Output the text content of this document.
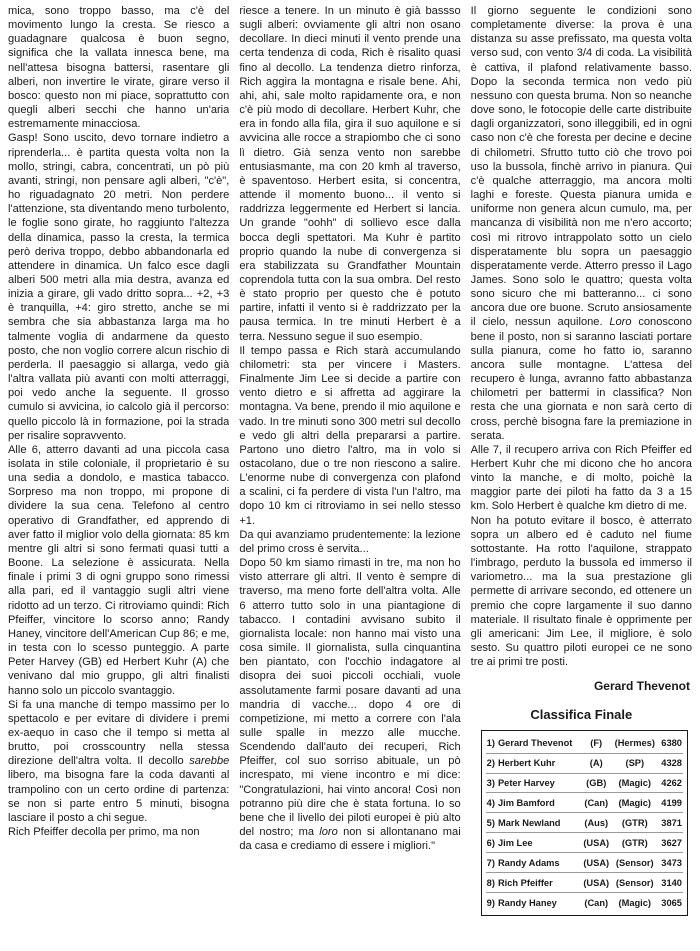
mica, sono troppo basso, ma c'è del movimento lungo la cresta. Se riesco a guadagnare qualcosa è buon segno, significa che la vallata innesca bene, ma nell'attesa bisogna battersi, rasentare gli alberi, non invertire le virate, girare verso il bosco: questo non mi piace, soprattutto con quegli alberi secchi che hanno un'aria estremamente minacciosa.

Gasp! Sono uscito, devo tornare indietro a riprenderla... è partita questa volta non la mollo, stringi, cabra, concentrati, un pò più avanti, stringi, non pensare agli alberi, "c'è", ho riguadagnato 20 metri. Non perdere l'attenzione, sta diventando meno turbolento, le foglie sono girate, ho raggiunto l'altezza della dinamica, passo la cresta, la termica però deriva troppo, debbo abbandonarla ed attendere in dinamica. Un falco esce dagli alberi 500 metri alla mia destra, avanza ed inizia a girare, gli vado dritto sopra... +2, +3 è tranquilla, +4: giro stretto, anche se mi sembra che sia abbastanza larga ma ho talmente voglia di andarmene da questo posto, che non voglio correre alcun rischio di perderla. Il paesaggio si allarga, vedo già l'altra vallata più avanti con molti atterraggi, poi vedo anche la seguente. Il grosso cumulo si avvicina, io calcolo già il percorso: quello piccolo là in formazione, poi la strada per risalire sopravvento.

Alle 6, atterro davanti ad una piccola casa isolata in stile coloniale, il proprietario è su una sedia a dondolo, e mastica tabacco. Sorpreso ma non troppo, mi propone di dividere la sua cena. Telefono al centro operativo di Grandfather, ed apprendo di aver fatto il miglior volo della giornata: 85 km mentre gli altri si sono fermati quasi tutti a Boone. La selezione è assicurata. Nella finale i primi 3 di ogni gruppo sono rimessi alla pari, ed il vantaggio sugli altri viene ridotto ad un terzo. Ci ritroviamo quindi: Rich Pfeiffer, vincitore lo scorso anno; Randy Haney, vincitore dell'American Cup 86; e me, in testa con lo scesso punteggio. A parte Peter Harvey (GB) ed Herbert Kuhr (A) che venivano dal mio gruppo, gli altri finalisti hanno solo un piccolo svantaggio.

Si fa una manche di tempo massimo per lo spettacolo e per evitare di dividere i premi ex-aequo in caso che il tempo si metta al brutto, poi crosscountry nella stessa direzione dell'altra volta. Il decollo sarebbe libero, ma bisogna fare la coda davanti al trampolino con un certo ordine di partenza: se non si parte entro 5 minuti, bisogna lasciare il posto a chi segue.

Rich Pfeiffer decolla per primo, ma non

riesce a tenere. In un minuto è già bassso sugli alberi: ovviamente gli altri non osano decollare. In dieci minuti il vento prende una certa tendenza di coda, Rich è risalito quasi fino al decollo. La tendenza dietro rinforza, Rich aggira la montagna e risale bene. Ahi, ahi, ahi, sale molto rapidamente ora, e non c'è più modo di decollare. Herbert Kuhr, che era in fondo alla fila, gira il suo aquilone e si avvicina alle rocce a strapiombo che ci sono lì dietro. Già senza vento non sarebbe entusiasmante, ma con 20 kmh al traverso, è spaventoso. Herbert esita, si concentra, attende il momento buono... il vento si raddrizza leggermente ed Herbert si lancia. Un grande "oohh" di sollievo esce dalla bocca degli spettatori. Ma Kuhr è partito proprio quando la nube di convergenza si era stabilizzata su Grandfather Mountain coprendola tutta con la sua ombra. Del resto è stato proprio per questo che è potuto partire, infatti il vento si è raddrizzato per la pausa termica. In tre minuti Herbert è a terra. Nessuno segue il suo esempio.

Il tempo passa e Rich starà accumulando chilometri: sta per vincere i Masters. Finalmente Jim Lee si decide a partire con vento dietro e si affretta ad aggirare la montagna. Va bene, prendo il mio aquilone e vado. In tre minuti sono 300 metri sul decollo e vedo gli altri della prepararsi a partire. Partono uno dietro l'altro, ma in volo si ostacolano, due o tre non riescono a salire. L'enorme nube di convergenza con plafond a scalini, ci fa perdere di vista l'un l'altro, ma dopo 10 km ci ritroviamo in sei nello stesso +1.

Da qui avanziamo prudentemente: la lezione del primo cross è servita...

Dopo 50 km siamo rimasti in tre, ma non ho visto atterrare gli altri. Il vento è sempre di traverso, ma meno forte dell'altra volta. Alle 6 atterro tutto solo in una piantagione di tabacco. I contadini avvisano subito il giornalista locale: non hanno mai visto una cosa simile. Il giornalista, sulla cinquantina ben piantato, con l'occhio indagatore al disopra dei suoi piccoli occhiali, vuole assolutamente farmi posare davanti ad una mandria di vacche... dopo 4 ore di competizione, mi metto a correre con l'ala sulle spalle in mezzo alle mucche. Scendendo dall'auto dei recuperi, Rich Pfeiffer, col suo sorriso abituale, un pò increspato, mi viene incontro e mi dice: "Congratulazioni, hai vinto ancora! Così non potranno più dire che è stata fortuna. Io so bene che il livello dei piloti europei è più alto del nostro; ma loro non si allontanano mai da casa e crediamo di essere i migliori."

Il giorno seguente le condizioni sono completamente diverse: la prova è una distanza su asse prefissato, ma questa volta verso sud, con vento 3/4 di coda. La visibilità è cattiva, il plafond relativamente basso. Dopo la seconda termica non vedo più nessuno con questa bruma. Non so neanche dove sono, le fotocopie delle carte distribuite dagli organizzatori, sono illeggibili, ed in ogni caso non c'è che foresta per decine e decine di chilometri. Sfrutto tutto ciò che trovo poi uso la bussola, finchè arrivo in pianura. Qui c'è qualche atterraggio, ma ancora molti laghi e foreste. Questa pianura umida e uniforme non genera alcun cumulo, ma, per mancanza di visibilità non me n'ero accorto; così mi ritrovo intrappolato sotto un cielo disperatamente blu sopra un paesaggio disperatamente verde. Atterro presso il Lago James. Sono solo le quattro; questa volta sono sicuro che mi batteranno... ci sono ancora due ore buone. Scruto ansiosamente il cielo, nessun aquilone. Loro conoscono bene il posto, non si saranno lasciati portare sulla pianura, come ho fatto io, saranno ancora sulle montagne. L'attesa del recupero è lunga, avranno fatto abbastanza chilometri per battermi in classifica? Non resta che una giornata e non sarà certo di cross, perchè bisogna fare la premiazione in serata.

Alle 7, il recupero arriva con Rich Pfeiffer ed Herbert Kuhr che mi dicono che ho ancora vinto la manche, e di molto, poichè la maggior parte dei piloti ha fatto da 3 a 15 km. Solo Herbert è qualche km dietro di me.

Non ha potuto evitare il bosco, è atterrato sopra un albero ed è caduto nel fiume sottostante. Ha rotto l'aquilone, strappato l'imbrago, perduto la bussola ed immerso il variometro... ma la sua prestazione gli permette di arrivare secondo, ed ottenere un premio che copre largamente il suo danno materiale. Il risultato finale è opprimente per gli americani: Jim Lee, il migliore, è solo sesto. Su quattro piloti europei ce ne sono tre ai primi tre posti.

Gerard Thevenot
Classifica Finale
1)	Gerard Thevenot	(F)	(Hermes)	6380
2)	Herbert Kuhr	(A)	(SP)	4328
3)	Peter Harvey	(GB)	(Magic)	4262
4)	Jim Bamford	(Can)	(Magic)	4199
5)	Mark Newland	(Aus)	(GTR)	3871
6)	Jim Lee	(USA)	(GTR)	3627
7)	Randy Adams	(USA)	(Sensor)	3473
8)	Rich Pfeiffer	(USA)	(Sensor)	3140
9)	Randy Haney	(Can)	(Magic)	3065
